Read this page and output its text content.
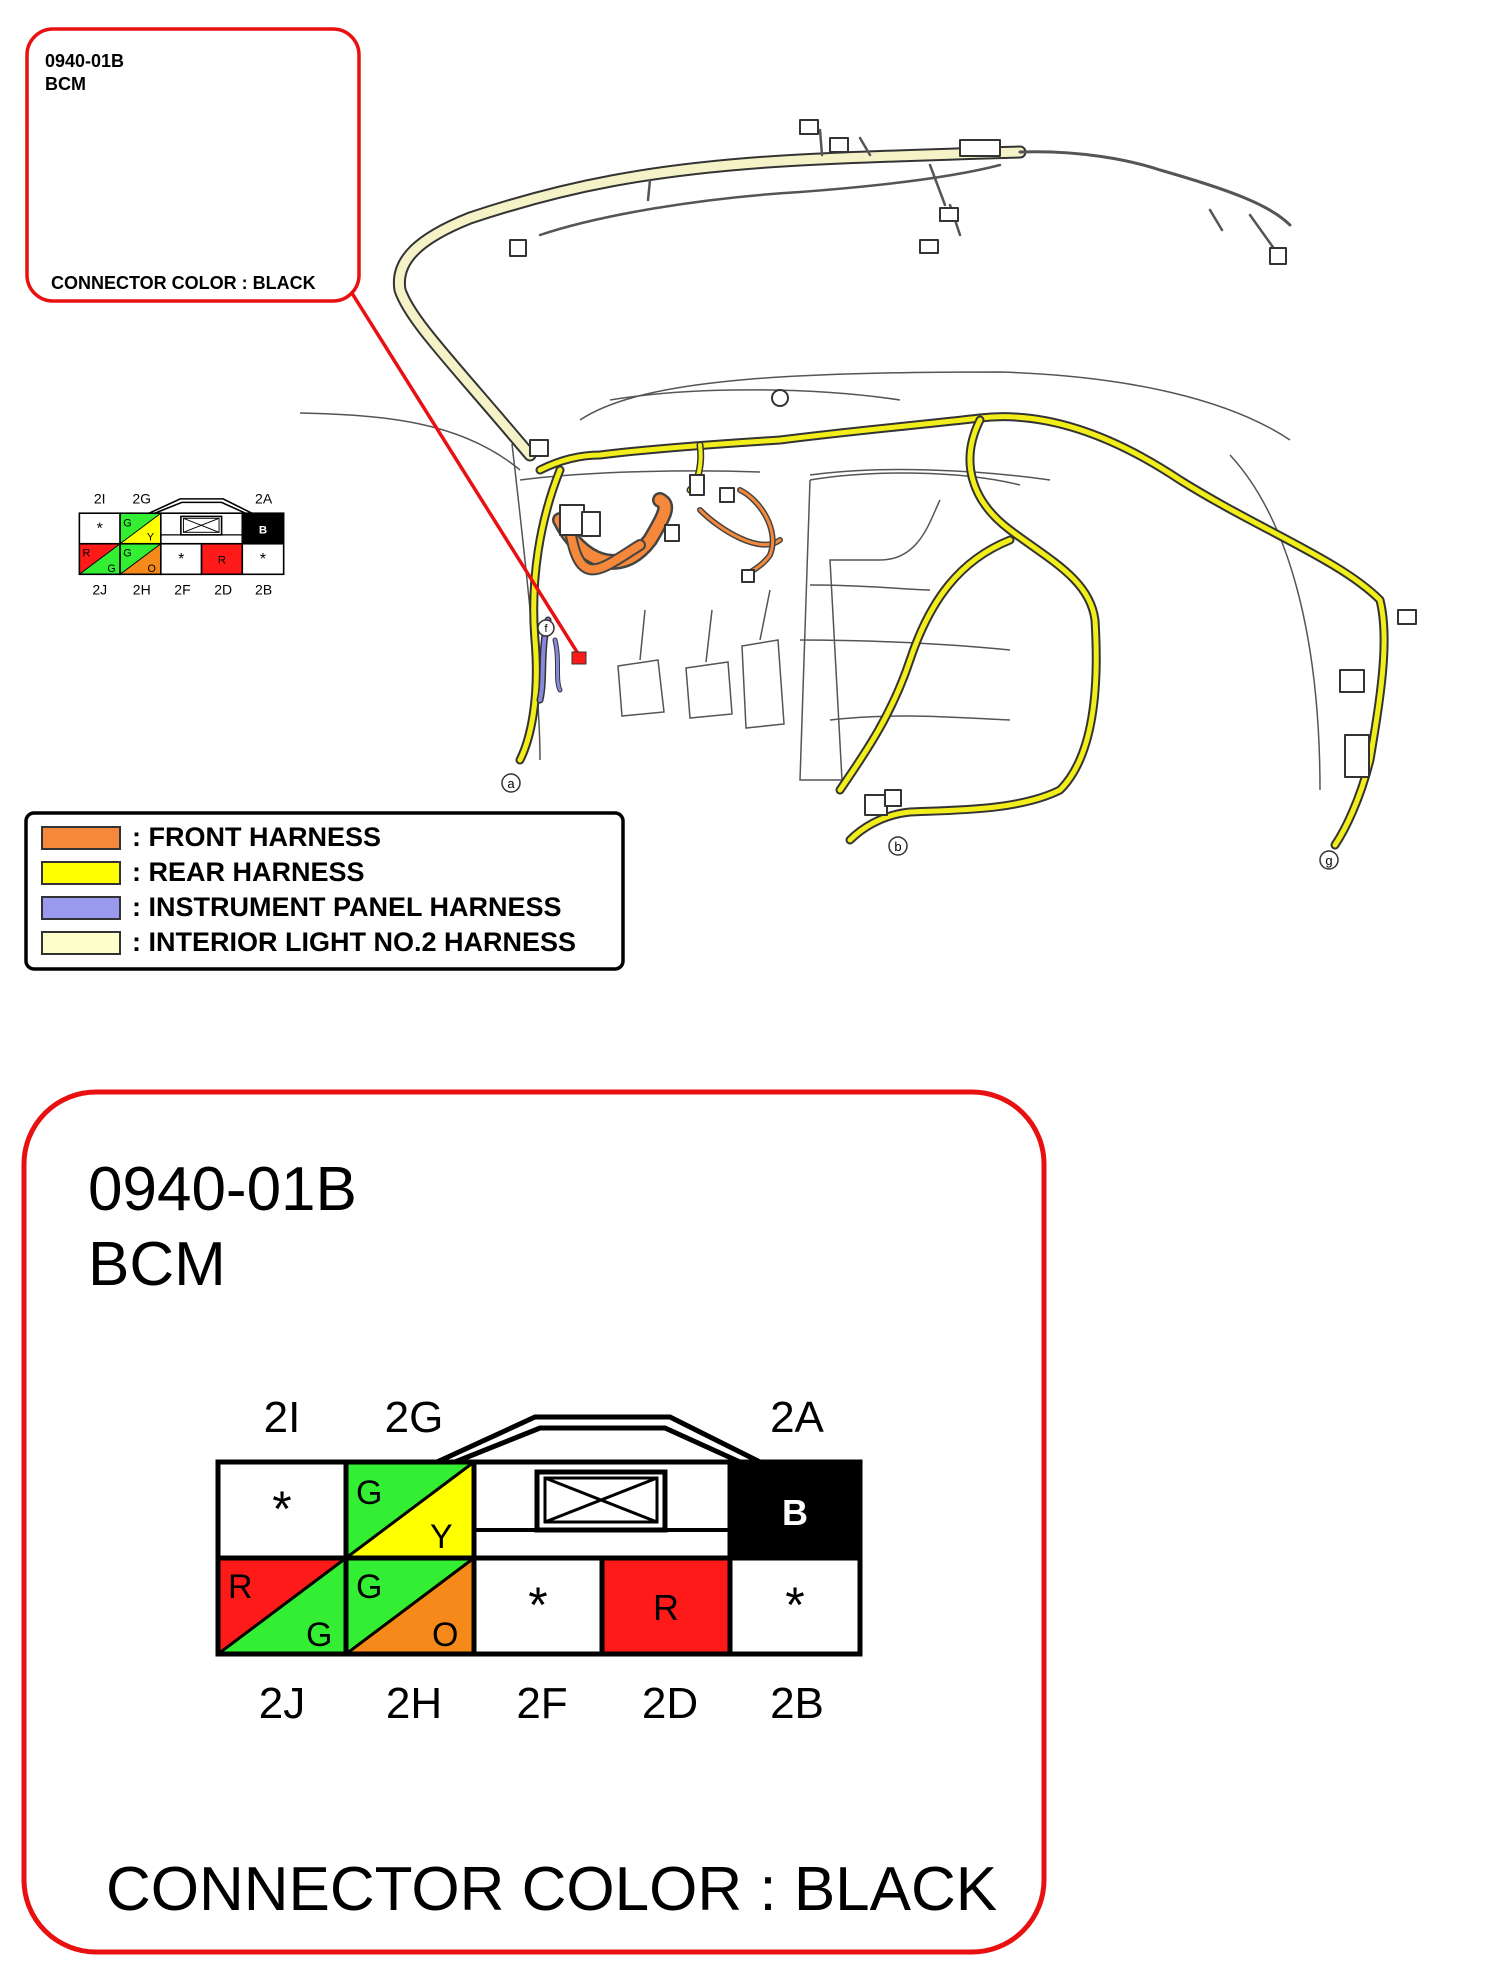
a
b
g
f
0940-01B
BCM
CONNECTOR COLOR : BLACK
: FRONT HARNESS
: REAR HARNESS
: INSTRUMENT PANEL HARNESS
: INTERIOR LIGHT NO.2 HARNESS
0940-01B
BCM
2I 2G	2A
* G
Y
B
R
G
G
O
*	R *
2J 2H 2F 2D 2B
CONNECTOR COLOR : BLACK
